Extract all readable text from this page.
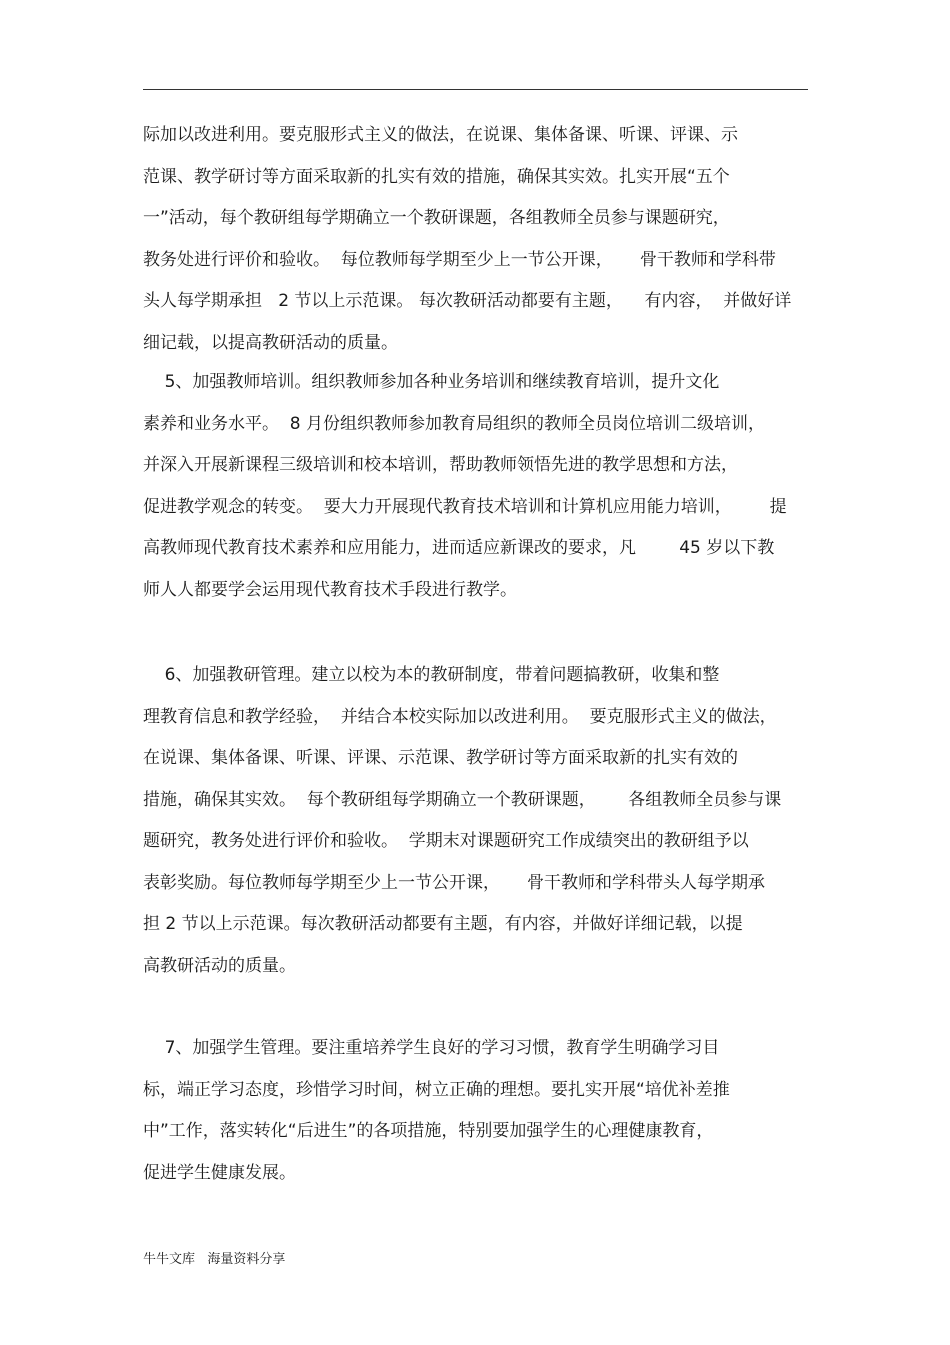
际加以改进利用。要克服形式主义的做法，在说课、集体备课、听课、评课、示
范课、教学研讨等方面采取新的扎实有效的措施，确保其实效。扎实开展“五个
一”活动，每个教研组每学期确立一个教研课题，各组教师全员参与课题研究，
教务处进行评价和验收。  每位教师每学期至少上一节公开课，     骨干教师和学科带
头人每学期承担   2 节以上示范课。 每次教研活动都要有主题，    有内容，  并做好详
细记载，以提高教研活动的质量。
5、加强教师培训。组织教师参加各种业务培训和继续教育培训，提升文化
素养和业务水平。  8 月份组织教师参加教育局组织的教师全员岗位培训二级培训，
并深入开展新课程三级培训和校本培训，帮助教师领悟先进的教学思想和方法，
促进教学观念的转变。  要大力开展现代教育技术培训和计算机应用能力培训，       提
高教师现代教育技术素养和应用能力，进而适应新课改的要求，凡        45 岁以下教
师人人都要学会运用现代教育技术手段进行教学。
6、加强教研管理。建立以校为本的教研制度，带着问题搞教研，收集和整
理教育信息和教学经验，  并结合本校实际加以改进利用。  要克服形式主义的做法，
在说课、集体备课、听课、评课、示范课、教学研讨等方面采取新的扎实有效的
措施，确保其实效。  每个教研组每学期确立一个教研课题，      各组教师全员参与课
题研究，教务处进行评价和验收。  学期末对课题研究工作成绩突出的教研组予以
表彰奖励。每位教师每学期至少上一节公开课，     骨干教师和学科带头人每学期承
担 2 节以上示范课。每次教研活动都要有主题，有内容，并做好详细记载，以提
高教研活动的质量。
7、加强学生管理。要注重培养学生良好的学习习惯，教育学生明确学习目
标，端正学习态度，珍惜学习时间，树立正确的理想。要扎实开展“培优补差推
中”工作，落实转化“后进生”的各项措施，特别要加强学生的心理健康教育，
促进学生健康发展。
牛牛文库   海量资料分享
